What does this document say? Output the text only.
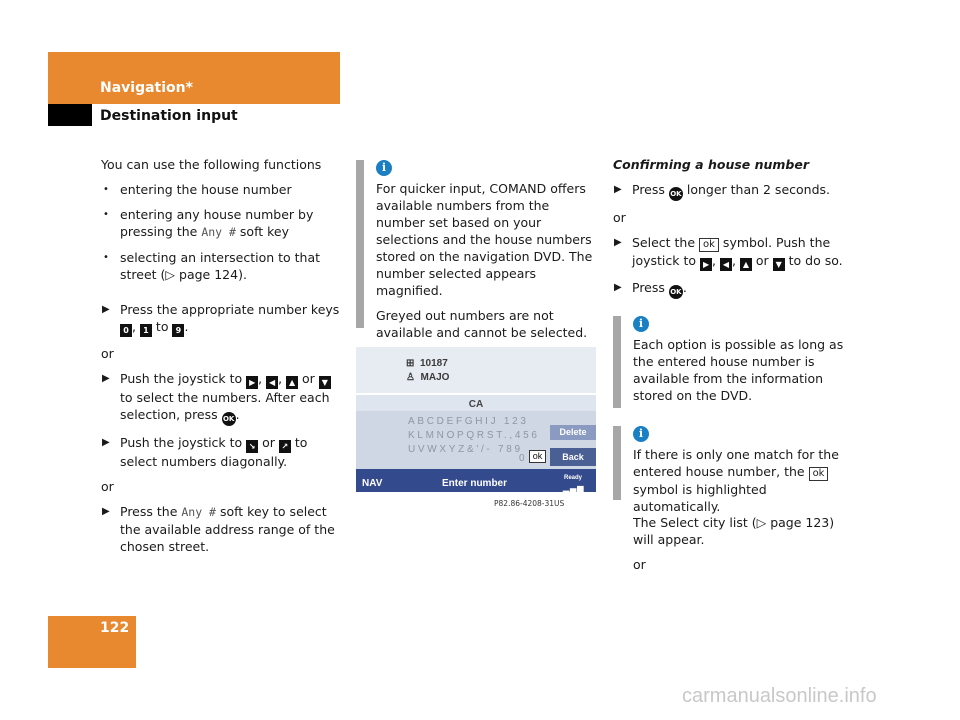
Navigation*
Destination input

You can use the following functions

• entering the house number
• entering any house number by pressing the Any # soft key
• selecting an intersection to that street (▷ page 124).
▶ Press the appropriate number keys
0 , 1 to 9 .

or

▶ Push the joystick to ▶ , ◀ , ▲ or ▼ to select the numbers. After each selection, press OK.
▶ Push the joystick to ↘ or ↗ to select numbers diagonally.

or

▶ Press the Any # soft key to select the available address range of the chosen street.
i

For quicker input, COMAND offers available numbers from the number set based on your selections and the house numbers stored on the navigation DVD. The number selected appears magnified.

Greyed out numbers are not available and cannot be selected.

⊞ 10187
♙ MAJO
CA
ABCDEFGHIJ 123
KLMNOPQRST.,456
UVWXYZ&'/- 789
Delete
Back
0 ok
NAV	Enter number	Ready
▁▃▅
P82.86-4208-31US

Confirming a house number

▶ Press OK longer than 2 seconds.

or

▶ Select the ok symbol. Push the joystick to ▶ , ◀ , ▲ or ▼ to do so.
▶ Press OK.
i

Each option is possible as long as the entered house number is available from the information stored on the DVD.

i

If there is only one match for the entered house number, the ok symbol is highlighted automatically.

The Select city list (▷ page 123) will appear.

or

122
carmanualsonline.info
